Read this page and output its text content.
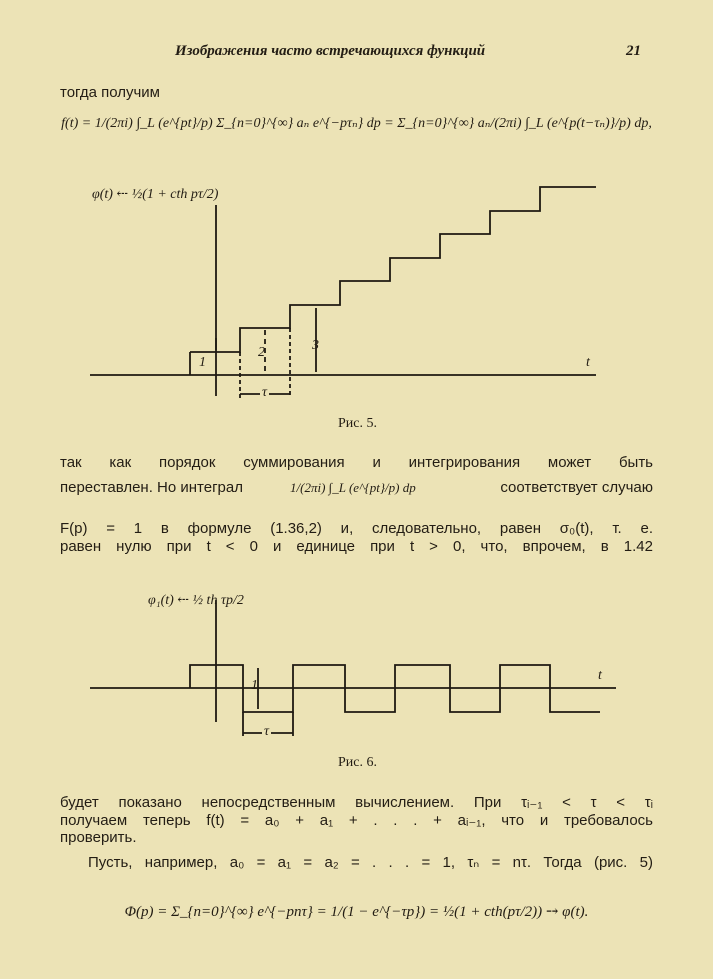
Изображения часто встречающихся функций	21
тогда получим
f(t) = 1/(2πi) ∫_L (e^{pt}/p) Σ_{n=0}^{∞} aₙ e^{−pτₙ} dp = Σ_{n=0}^{∞} aₙ/(2πi) ∫_L (e^{p(t−τₙ)}/p) dp,
φ(t) ⤎ ½(1 + cth pτ/2)
1
2	3
t
τ
Рис. 5.
так как порядок суммирования и интегрирования может быть
переставлен. Но интеграл	1/(2πi) ∫_L (e^{pt}/p) dp	соответствует случаю
F(p) = 1 в формуле (1.36,2) и, следовательно, равен σ₀(t), т. е.
равен нулю при t < 0 и единице при t > 0, что, впрочем, в 1.42
φ₁(t) ⤎ ½ th τp/2
1
t
τ
Рис. 6.
будет показано непосредственным вычислением. При τᵢ₋₁ < τ < τᵢ
получаем теперь f(t) = a₀ + a₁ + . . . + aᵢ₋₁, что и требовалось
проверить.
Пусть, например, a₀ = a₁ = a₂ = . . . = 1, τₙ = nτ. Тогда (рис. 5)
Φ(p) = Σ_{n=0}^{∞} e^{−pnτ} = 1/(1 − e^{−τp}) = ½(1 + cth(pτ/2)) ⤍ φ(t).
